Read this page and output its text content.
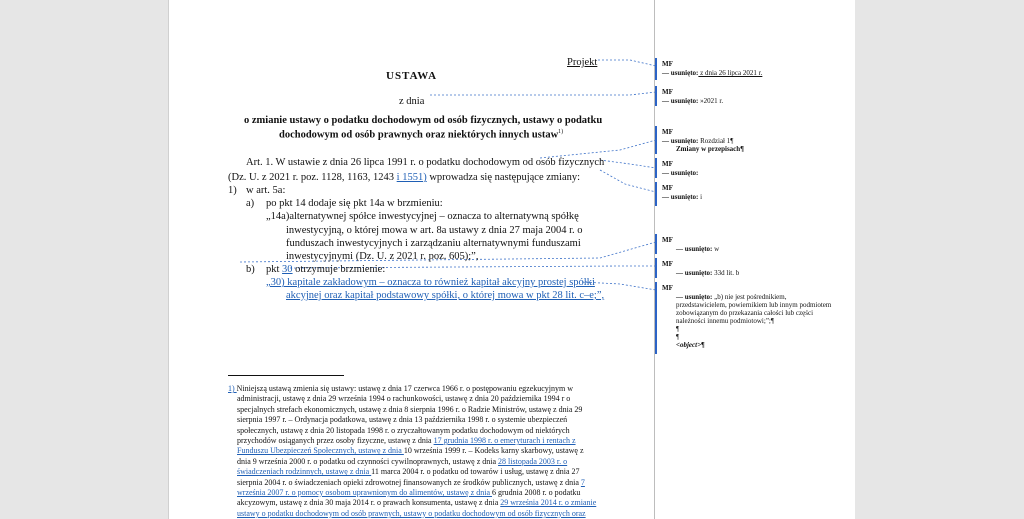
Projekt
USTAWA
z dnia
o zmianie ustawy o podatku dochodowym od osób fizycznych, ustawy o podatku
dochodowym od osób prawnych oraz niektórych innych ustaw$^{1)}$
Art. 1. W ustawie z dnia 26 lipca 1991 r. o podatku dochodowym od osób fizycznych
(Dz. U. z 2021 r. poz. 1128, 1163, 1243 i 1551) wprowadza się następujące zmiany:
1) w art. 5a:
a) po pkt 14 dodaje się pkt 14a w brzmieniu:
„14a)alternatywnej spółce inwestycyjnej – oznacza to alternatywną spółkę
inwestycyjną, o której mowa w art. 8a ustawy z dnia 27 maja 2004 r. o
funduszach inwestycyjnych i zarządzaniu alternatywnymi funduszami
inwestycyjnymi (Dz. U. z 2021 r. poz. 605);”,
b) pkt 30 otrzymuje brzmienie:
„30) kapitale zakładowym – oznacza to również kapitał akcyjny prostej spółki
akcyjnej oraz kapitał podstawowy spółki, o której mowa w pkt 28 lit. c–e;”,
1) Niniejszą ustawą zmienia się ustawy: ustawę z dnia 17 czerwca 1966 r. o postępowaniu egzekucyjnym w
administracji, ustawę z dnia 29 września 1994 o rachunkowości, ustawę z dnia 20 października 1994 r o
specjalnych strefach ekonomicznych, ustawę z dnia 8 sierpnia 1996 r. o Radzie Ministrów, ustawę z dnia 29
sierpnia 1997 r. – Ordynacja podatkowa, ustawę z dnia 13 października 1998 r. o systemie ubezpieczeń
społecznych, ustawę z dnia 20 listopada 1998 r. o zryczałtowanym podatku dochodowym od niektórych
przychodów osiąganych przez osoby fizyczne, ustawę z dnia 17 grudnia 1998 r. o emeryturach i rentach z
Funduszu Ubezpieczeń Społecznych, ustawę z dnia 10 września 1999 r. – Kodeks karny skarbowy, ustawę z
dnia 9 września 2000 r. o podatku od czynności cywilnoprawnych, ustawę z dnia 28 listopada 2003 r. o
świadczeniach rodzinnych, ustawę z dnia 11 marca 2004 r. o podatku od towarów i usług, ustawę z dnia 27
sierpnia 2004 r. o świadczeniach opieki zdrowotnej finansowanych ze środków publicznych, ustawę z dnia 7
września 2007 r. o pomocy osobom uprawnionym do alimentów, ustawę z dnia 6 grudnia 2008 r. o podatku
akcyzowym, ustawę z dnia 30 maja 2014 r. o prawach konsumenta, ustawę z dnia 29 września 2014 r. o zmianie
ustawy o podatku dochodowym od osób prawnych, ustawy o podatku dochodowym od osób fizycznych oraz
MF
— usunięto: z dnia 26 lipca 2021 r.
MF
— usunięto: »2021 r.
MF
— usunięto: Rozdział 1¶
Zmiany w przepisach¶
MF
— usunięto:
MF
— usunięto: i
MF
— usunięto: w
MF
— usunięto: 33d lit. b
MF
— usunięto: „b) nie jest pośrednikiem,
przedstawicielem, powiernikiem lub innym podmiotem
zobowiązanym do przekazania całości lub części
należności innemu podmiotowi;”;¶
¶
¶
<object>¶
